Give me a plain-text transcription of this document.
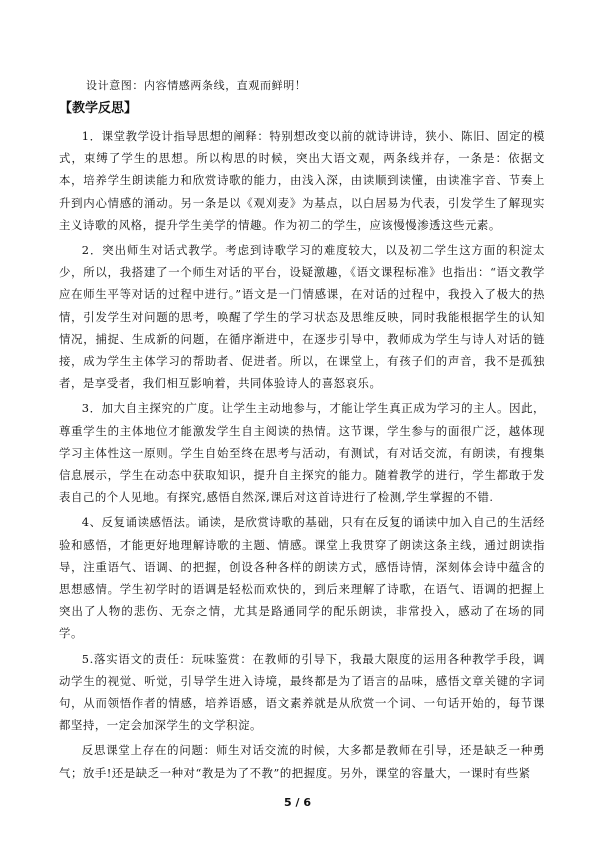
设计意图：内容情感两条线，直观而鲜明！

【教学反思】

1．课堂教学设计指导思想的阐释：特别想改变以前的就诗讲诗，狭小、陈旧、固定的模式，束缚了学生的思想。所以构思的时候，突出大语文观，两条线并存，一条是：依据文本，培养学生朗读能力和欣赏诗歌的能力，由浅入深，由读顺到读懂，由读准字音、节奏上升到内心情感的涌动。另一条是以《观刈麦》为基点，以白居易为代表，引发学生了解现实主义诗歌的风格，提升学生美学的情趣。作为初二的学生，应该慢慢渗透这些元素。

2．突出师生对话式教学。考虑到诗歌学习的难度较大，以及初二学生这方面的积淀太少，所以，我搭建了一个师生对话的平台，设疑激趣，《语文课程标准》也指出：“语文教学应在师生平等对话的过程中进行。”语文是一门情感课，在对话的过程中，我投入了极大的热情，引发学生对问题的思考，唤醒了学生的学习状态及思维反映，同时我能根据学生的认知情况，捕捉、生成新的问题，在循序渐进中，在逐步引导中，教师成为学生与诗人对话的链接，成为学生主体学习的帮助者、促进者。所以，在课堂上，有孩子们的声音，我不是孤独者，是享受者，我们相互影响着，共同体验诗人的喜怒哀乐。

3．加大自主探究的广度。让学生主动地参与，才能让学生真正成为学习的主人。因此，尊重学生的主体地位才能激发学生自主阅读的热情。这节课，学生参与的面很广泛，越体现学习主体性这一原则。学生自始至终在思考与活动，有测试，有对话交流，有朗读，有搜集信息展示，学生在动态中获取知识，提升自主探究的能力。随着教学的进行，学生都敢于发表自己的个人见地。有探究,感悟自然深,课后对这首诗进行了检测,学生掌握的不错.

4、反复诵读感悟法。诵读，是欣赏诗歌的基础，只有在反复的诵读中加入自己的生活经验和感悟，才能更好地理解诗歌的主题、情感。课堂上我贯穿了朗读这条主线，通过朗读指导，注重语气、语调、的把握，创设各种各样的朗读方式，感悟诗情，深刻体会诗中蕴含的思想感情。学生初学时的语调是轻松而欢快的，到后来理解了诗歌，在语气、语调的把握上突出了人物的悲伤、无奈之情，尤其是路通同学的配乐朗读，非常投入，感动了在场的同学。

5.落实语文的责任：玩味鉴赏：在教师的引导下，我最大限度的运用各种教学手段，调动学生的视觉、听觉，引导学生进入诗境，最终都是为了语言的品味，感悟文章关键的字词句，从而领悟作者的情感，培养语感，语文素养就是从欣赏一个词、一句话开始的，每节课都坚持，一定会加深学生的文学积淀。

反思课堂上存在的问题：师生对话交流的时候，大多都是教师在引导，还是缺乏一种勇气；放手!还是缺乏一种对“教是为了不教”的把握度。另外，课堂的容量大，一课时有些紧

5 / 6
